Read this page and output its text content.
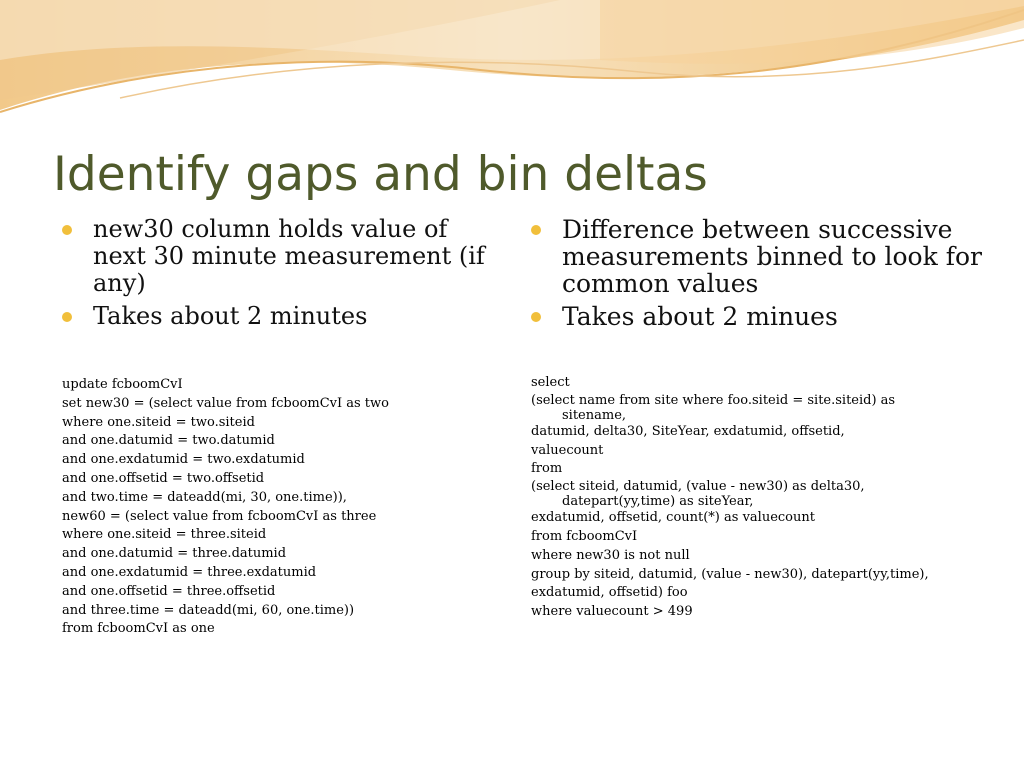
Identify gaps and bin deltas
new30 column holds value of next 30 minute measurement (if any)
Takes about 2 minutes
Difference between successive measurements binned to look for common values
Takes about 2 minues
update fcboomCvI
set new30 = (select value from fcboomCvI as two
where one.siteid = two.siteid
and one.datumid = two.datumid
and one.exdatumid = two.exdatumid
and one.offsetid = two.offsetid
and two.time = dateadd(mi, 30, one.time)),
new60 = (select value from fcboomCvI as three
where one.siteid = three.siteid
and one.datumid = three.datumid
and one.exdatumid = three.exdatumid
and one.offsetid = three.offsetid
and three.time = dateadd(mi, 60, one.time))
from fcboomCvI as one
select
(select name from site where foo.siteid = site.siteid) as
sitename,
datumid, delta30, SiteYear, exdatumid, offsetid,
valuecount
from
(select siteid, datumid, (value - new30) as delta30,
datepart(yy,time) as siteYear,
exdatumid, offsetid, count(*) as valuecount
from fcboomCvI
where new30 is not null
group by siteid, datumid, (value - new30), datepart(yy,time),
exdatumid, offsetid) foo
where valuecount > 499
